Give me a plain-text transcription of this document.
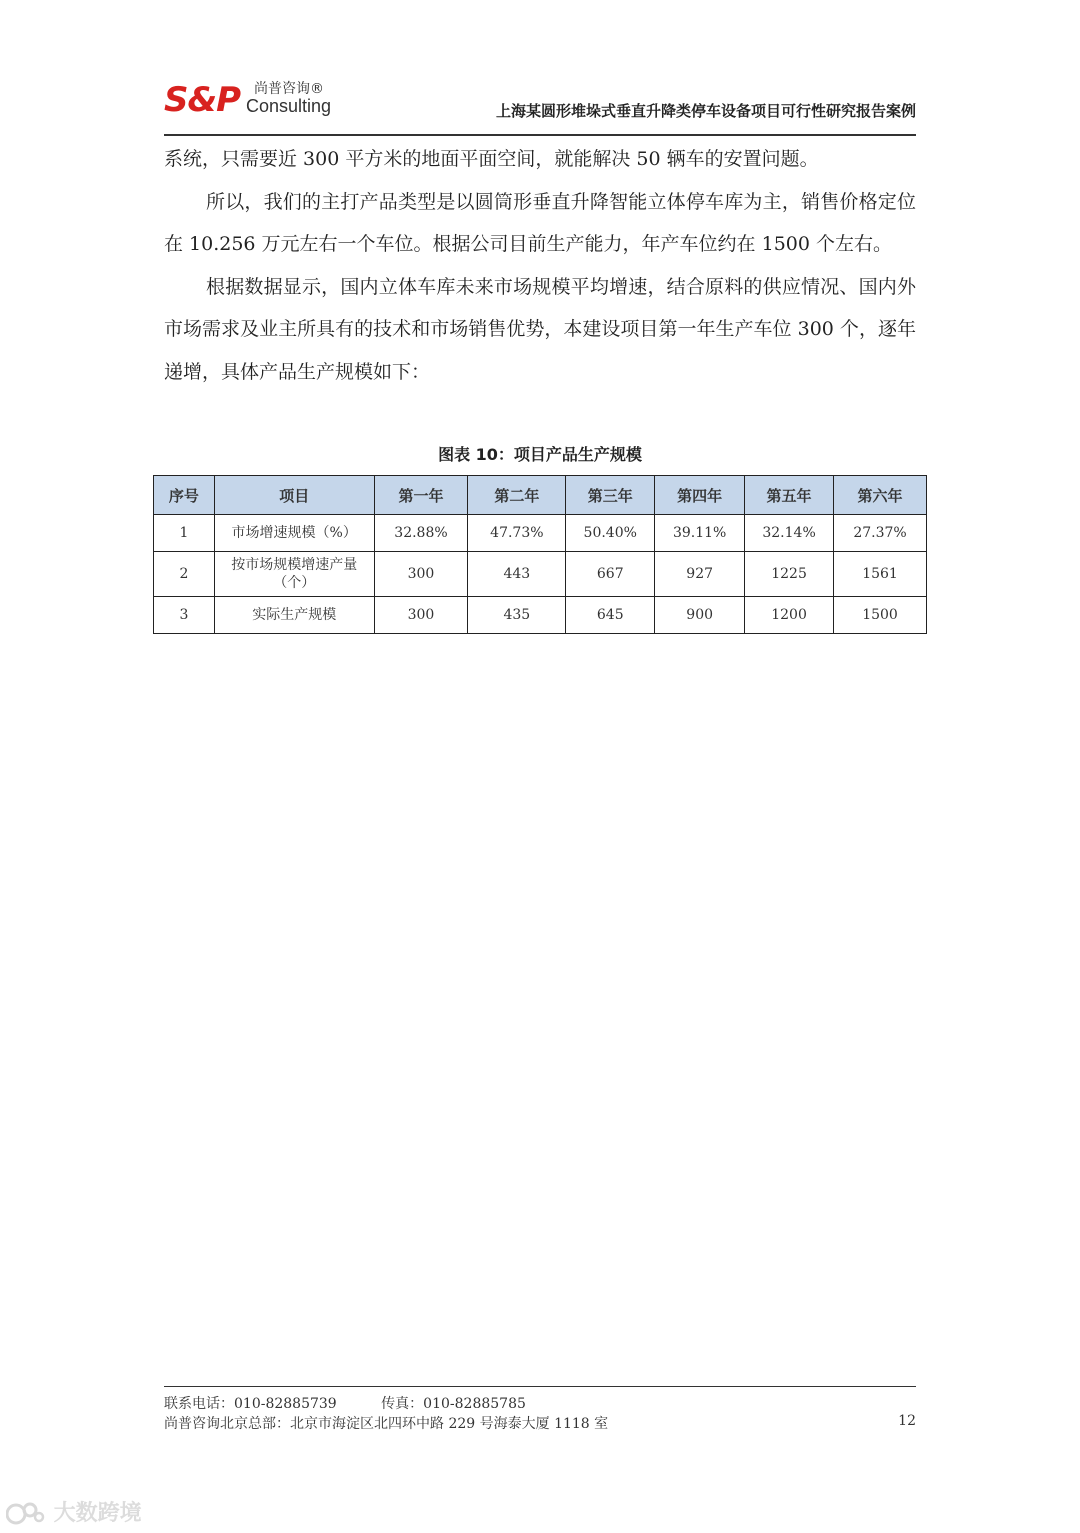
S&P 尚普咨询®
Consulting	上海某圆形堆垛式垂直升降类停车设备项目可行性研究报告案例

系统，只需要近 300 平方米的地面平面空间，就能解决 50 辆车的安置问题。

所以，我们的主打产品类型是以圆筒形垂直升降智能立体停车库为主，销售价格定位在 10.256 万元左右一个车位。根据公司目前生产能力，年产车位约在 1500 个左右。

根据数据显示，国内立体车库未来市场规模平均增速，结合原料的供应情况、国内外市场需求及业主所具有的技术和市场销售优势，本建设项目第一年生产车位 300 个，逐年递增，具体产品生产规模如下：

图表 10：项目产品生产规模
序号	项目	第一年	第二年	第三年	第四年	第五年	第六年
1	市场增速规模（%）	32.88%	47.73%	50.40%	39.11%	32.14%	27.37%
2	按市场规模增速产量（个）	300	443	667	927	1225	1561
3	实际生产规模	300	435	645	900	1200	1500
联系电话：010-82885739	传真：010-82885785
尚普咨询北京总部：北京市海淀区北四环中路 229 号海泰大厦 1118 室	12
大数跨境
